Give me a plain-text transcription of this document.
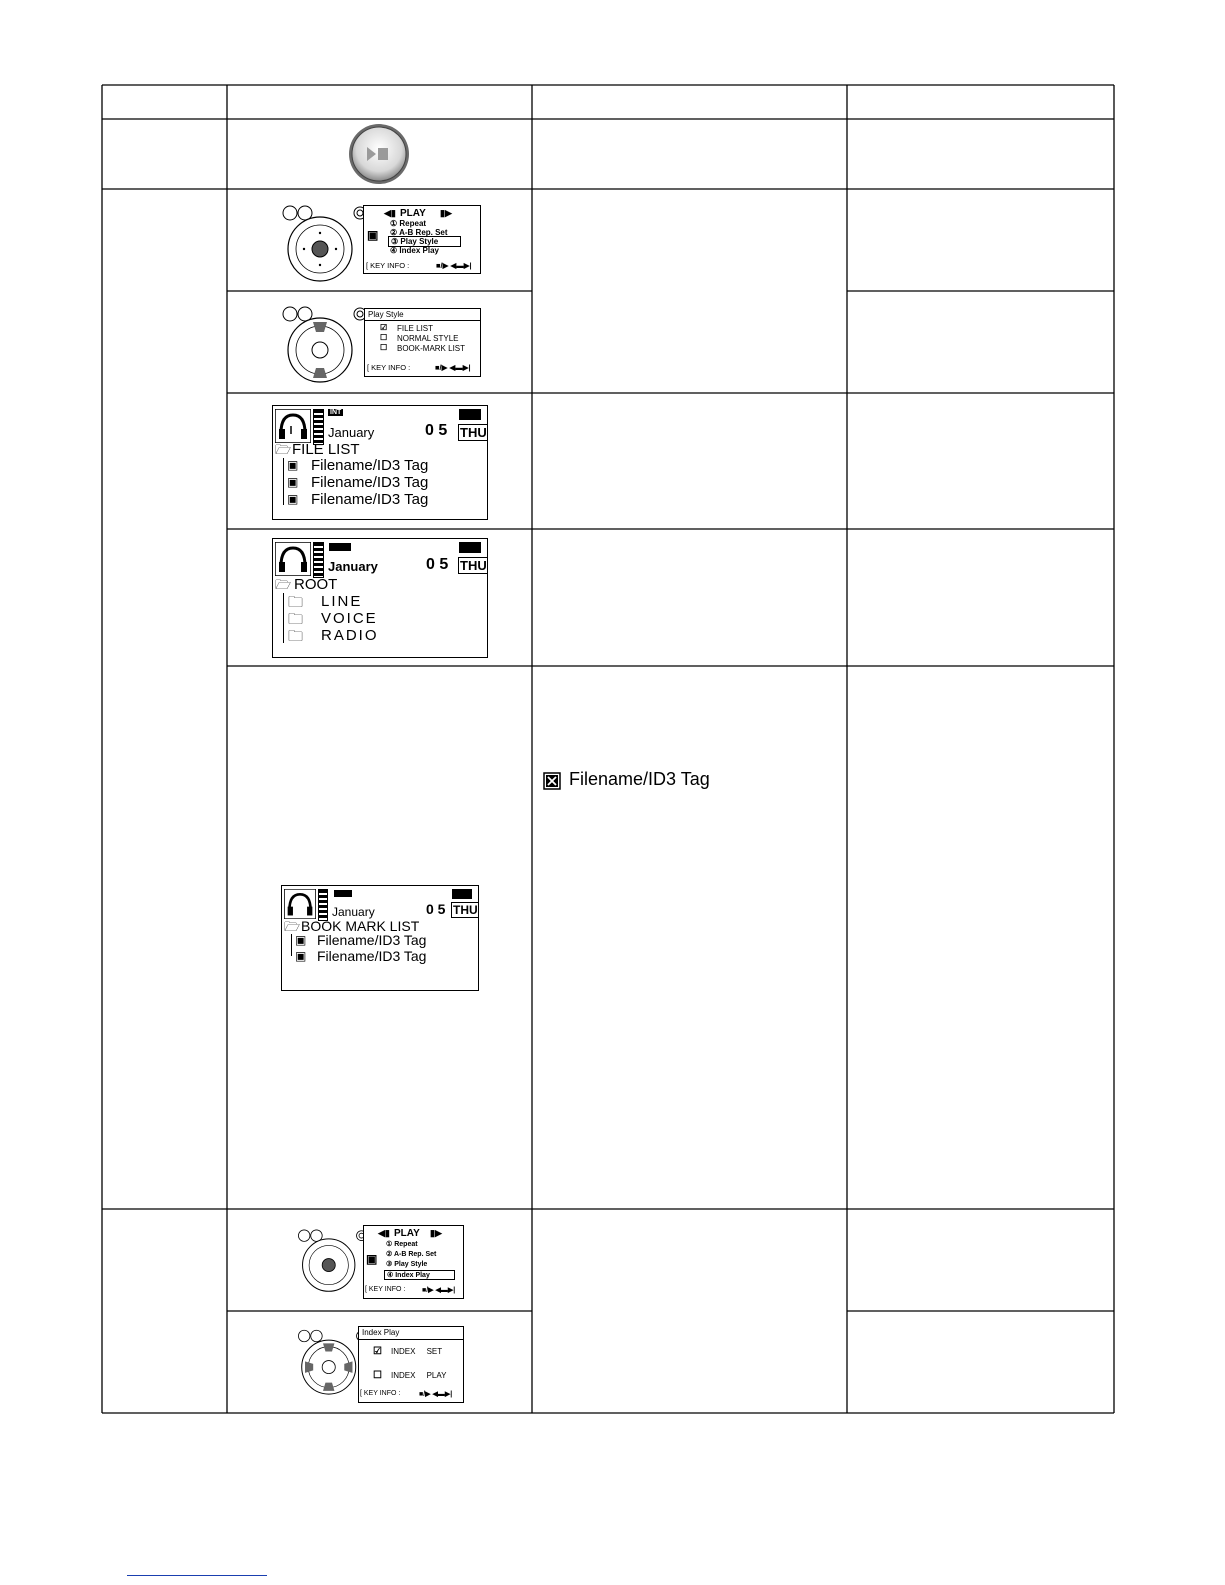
◀▮ PLAY ▮▶
① Repeat
② A-B Rep. Set
③ Play Style
④ Index Play
▣
[ KEY INFO :	■/▶ ◀▬▶|
Play Style
☑ FILE LIST
☐ NORMAL STYLE
☐ BOOK-MARK LIST
[ KEY INFO :	■/▶ ◀▬▶|
INT
January	0 5 THU
🗁 FILE LIST
▣ Filename/ID3 Tag
▣ Filename/ID3 Tag
▣ Filename/ID3 Tag
January	0 5 THU
🗁 ROOT
🗀 LINE
🗀 VOICE
🗀 RADIO
January	0 5 THU
🗁 BOOK MARK LIST
▣ Filename/ID3 Tag
▣ Filename/ID3 Tag
Filename/ID3 Tag
◀▮ PLAY ▮▶
① Repeat
② A-B Rep. Set
③ Play Style
④ Index Play
▣
[ KEY INFO : ■/▶ ◀▬▶|
Index Play
☑ INDEX     SET
☐ INDEX     PLAY
[ KEY INFO :	■/▶ ◀▬▶|
